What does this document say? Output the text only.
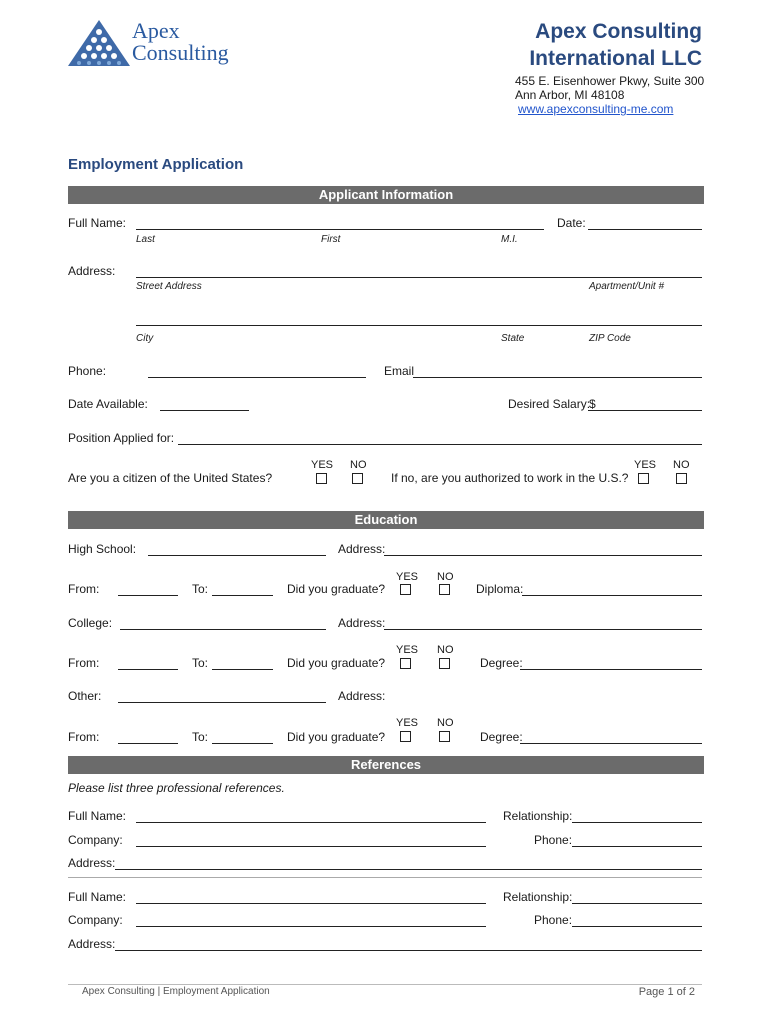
Apex
Consulting
Apex Consulting
International LLC
455 E. Eisenhower Pkwy, Suite 300
Ann Arbor, MI 48108
www.apexconsulting-me.com
Employment Application
Applicant Information
Full Name:	Date:
Last	First	M.I.
Address:
Street Address	Apartment/Unit #
City	State	ZIP Code
Phone:	Email
Date Available:	Desired Salary:
$
Position Applied for:
YES NO
Are you a citizen of the United States?
YES NO
If no, are you authorized to work in the U.S.?
Education
High School:	Address:
YES NO
From:	To:	Did you graduate?	Diploma:
College:	Address:
YES NO
From:	To:	Did you graduate?	Degree:
Other:	Address:
YES NO
From:	To:	Did you graduate?	Degree:
References
Please list three professional references.
Full Name:	Relationship:
Company:	Phone:
Address:
Full Name:	Relationship:
Company:	Phone:
Address:
Apex Consulting | Employment Application	Page 1 of 2
